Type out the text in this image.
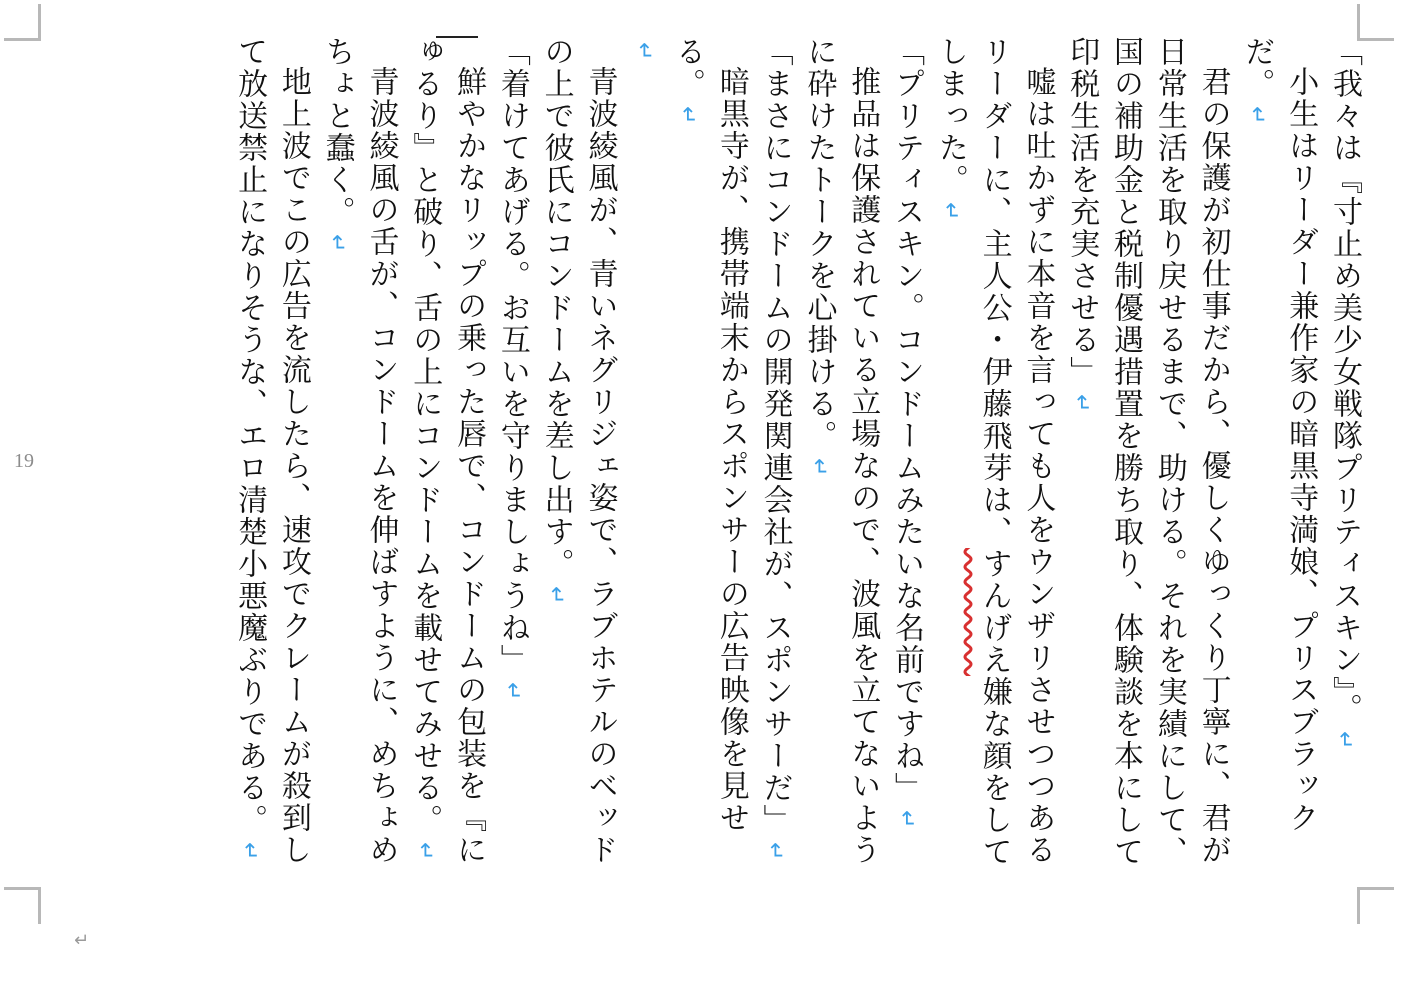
19	「我々は『寸止め美少女戦隊プリティスキン』。↵

小生はリーダー兼作家の暗黒寺満娘、プリスブラックだ。↵

君の保護が初仕事だから、優しくゆっくり丁寧に、君が日常生活を取り戻せるまで、助ける。それを実績にして、国の補助金と税制優遇措置を勝ち取り、体験談を本にして印税生活を充実させる」↵

嘘は吐かずに本音を言っても人をウンザリさせつつあるリーダーに、主人公・伊藤飛芽は、すんげえ嫌な顔をしてしまった。↵

「プリティスキン。コンドームみたいな名前ですね」↵

推品は保護されている立場なので、波風を立てないように砕けたトークを心掛ける。↵

「まさにコンドームの開発関連会社が、スポンサーだ」↵

暗黒寺が、携帯端末からスポンサーの広告映像を見せる。↵

↵

青波綾風が、青いネグリジェ姿で、ラブホテルのベッドの上で彼氏にコンドームを差し出す。↵

「着けてあげる。お互いを守りましょうね」↵

鮮やかなリップの乗った唇で、コンドームの包装を『にゅるり』と破り、舌の上にコンドームを載せてみせる。↵

青波綾風の舌が、コンドームを伸ばすように、めちょめちょと蠢く。↵

地上波でこの広告を流したら、速攻でクレームが殺到して放送禁止になりそうな、エロ清楚小悪魔ぶりである。↵

↵
